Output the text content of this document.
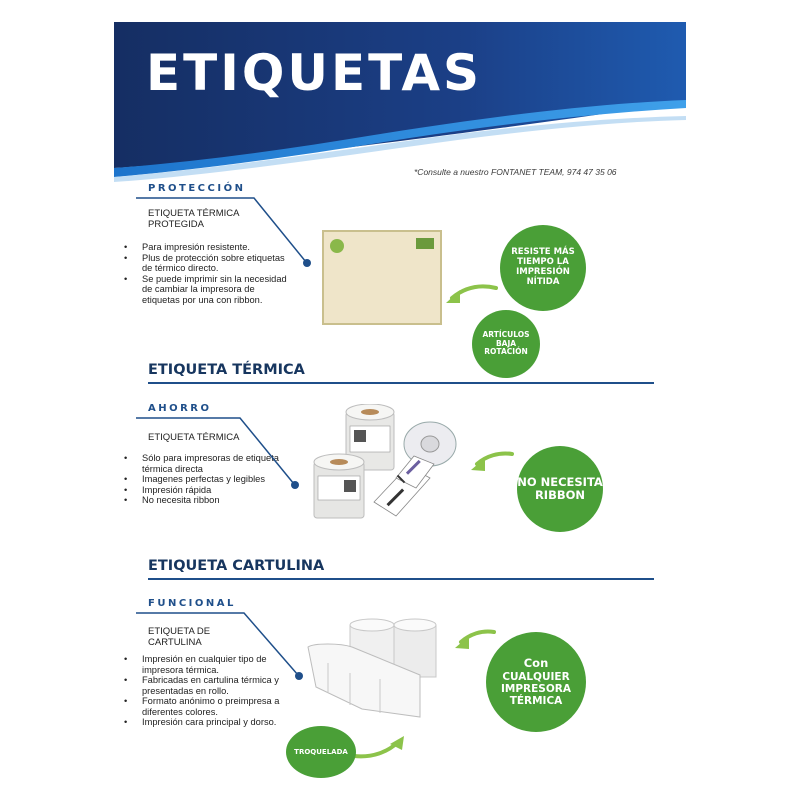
ETIQUETAS
*Consulte a nuestro FONTANET TEAM, 974 47 35 06
PROTECCIÓN
ETIQUETA TÉRMICA
PROTEGIDA
• Para impresión resistente.
• Plus de protección sobre etiquetas de térmico directo.
• Se puede imprimir sin la necesidad de cambiar la impresora de etiquetas por una con ribbon.
RESISTE MÁS TIEMPO LA IMPRESIÓN NÍTIDA
ARTÍCULOS BAJA ROTACIÓN
ETIQUETA TÉRMICA
AHORRO
ETIQUETA TÉRMICA
• Sólo para impresoras de etiqueta térmica directa
• Imagenes perfectas y legibles
• Impresión rápida
• No necesita ribbon
NO NECESITA RIBBON
ETIQUETA CARTULINA
FUNCIONAL
ETIQUETA DE
CARTULINA
• Impresión en cualquier tipo de impresora térmica.
• Fabricadas en cartulina térmica y presentadas en rollo.
• Formato anónimo o preimpresa a diferentes colores.
• Impresión cara principal y dorso.
Con
CUALQUIER IMPRESORA TÉRMICA
TROQUELADA
